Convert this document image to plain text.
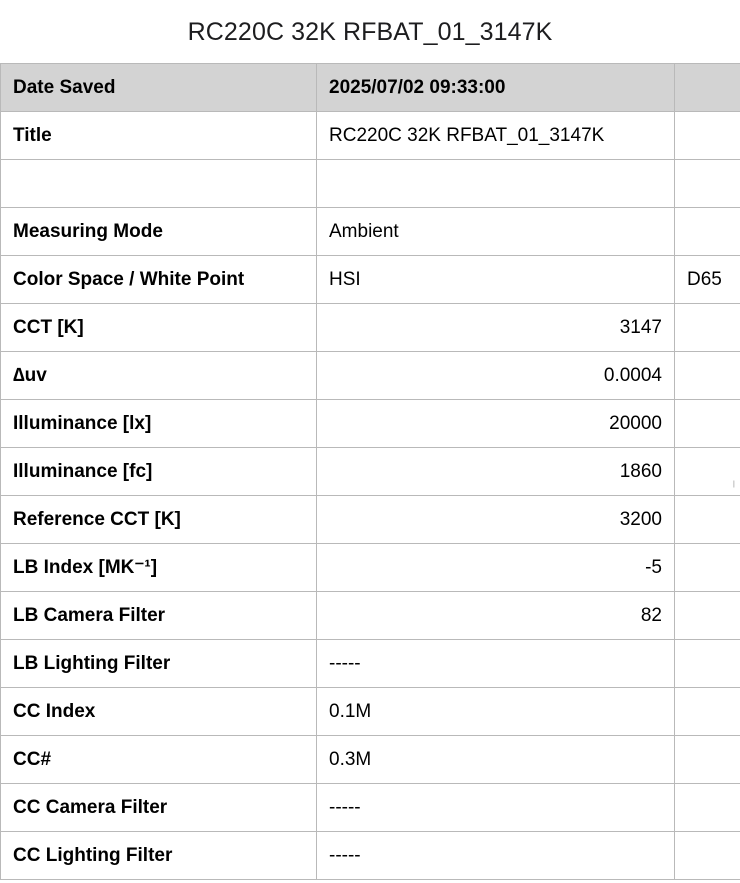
RC220C 32K RFBAT_01_3147K
Date Saved	2025/07/02 09:33:00	
Title	RC220C 32K RFBAT_01_3147K	

Measuring Mode	Ambient	
Color Space / White Point	HSI	D65
CCT [K]	3147	
∆uv	0.0004	
Illuminance [lx]	20000	
Illuminance [fc]	1860	
Reference CCT [K]	3200	
LB Index [MK⁻¹]	-5	
LB Camera Filter	82	
LB Lighting Filter	-----	
CC Index	0.1M	
CC#	0.3M	
CC Camera Filter	-----	
CC Lighting Filter	-----	
|
